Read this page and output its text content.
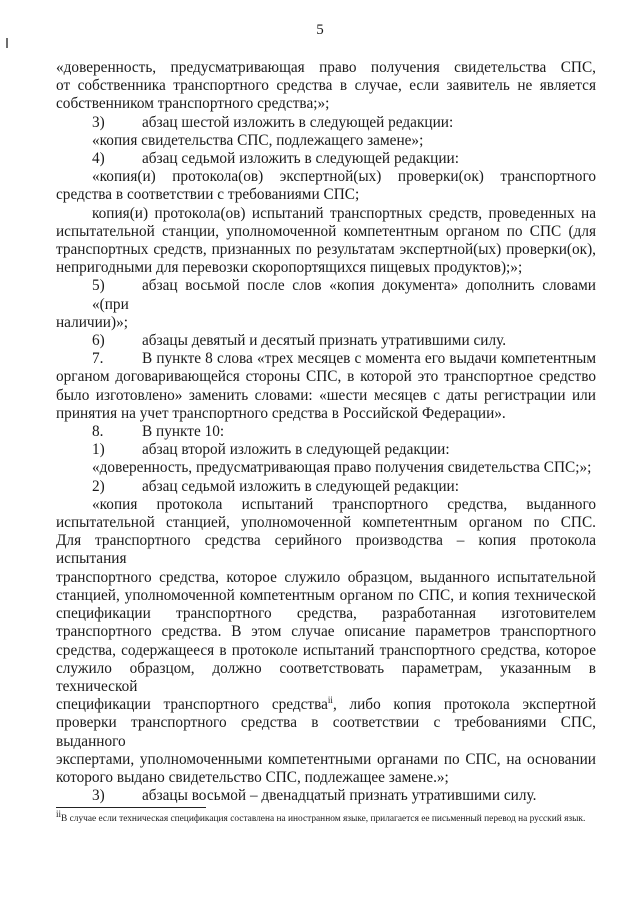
5

«доверенность, предусматривающая право получения свидетельства СПС,

от собственника транспортного средства в случае, если заявитель не является

собственником транспортного средства;»;

3) абзац шестой изложить в следующей редакции:

«копия свидетельства СПС, подлежащего замене»;

4) абзац седьмой изложить в следующей редакции:

«копия(и) протокола(ов) экспертной(ых) проверки(ок) транспортного

средства в соответствии с требованиями СПС;

копия(и) протокола(ов) испытаний транспортных средств, проведенных на

испытательной станции, уполномоченной компетентным органом по СПС (для

транспортных средств, признанных по результатам экспертной(ых) проверки(ок),

непригодными для перевозки скоропортящихся пищевых продуктов);»;

5) абзац восьмой после слов «копия документа» дополнить словами «(при

наличии)»;

6) абзацы девятый и десятый признать утратившими силу.

7.	В пункте 8 слова «трех месяцев с момента его выдачи компетентным

органом договаривающейся стороны СПС, в которой это транспортное средство

было изготовлено» заменить словами: «шести месяцев с даты регистрации или

принятия на учет транспортного средства в Российской Федерации».

8.	В пункте 10:

1) абзац второй изложить в следующей редакции:

«доверенность, предусматривающая право получения свидетельства СПС;»;

2) абзац седьмой изложить в следующей редакции:

«копия протокола испытаний транспортного средства, выданного

испытательной станцией, уполномоченной компетентным органом по СПС.

Для транспортного средства серийного производства – копия протокола испытания

транспортного средства, которое служило образцом, выданного испытательной

станцией, уполномоченной компетентным органом по СПС, и копия технической

спецификации транспортного средства, разработанная изготовителем

транспортного средства. В этом случае описание параметров транспортного

средства, содержащееся в протоколе испытаний транспортного средства, которое

служило образцом, должно соответствовать параметрам, указанным в технической

спецификации транспортного средства$^{ii}$, либо копия протокола экспертной

проверки транспортного средства в соответствии с требованиями СПС, выданного

экспертами, уполномоченными компетентными органами по СПС, на основании

которого выдано свидетельство СПС, подлежащее замене.»;

3) абзацы восьмой – двенадцатый признать утратившими силу.

$^{ii}$В случае если техническая спецификация составлена на иностранном языке, прилагается ее письменный перевод на русский язык.
